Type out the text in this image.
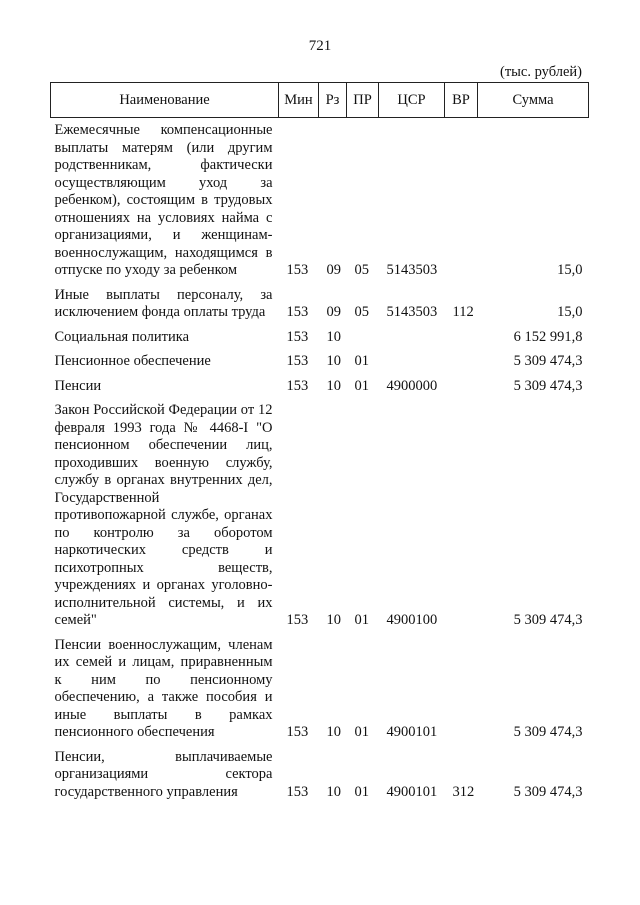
721
(тыс. рублей)
Наименование	Мин	Рз	ПР	ЦСР	ВР	Сумма
Ежемесячные компенсационные выплаты матерям (или другим родственникам, фактически осуществляющим уход за ребенком), состоящим в трудовых отношениях на условиях найма с организациями, и женщинам-военнослужащим, находящимся в отпуске по уходу за ребенком	153	09	05	5143503		15,0
Иные выплаты персоналу, за исключением фонда оплаты труда	153	09	05	5143503	112	15,0
Социальная политика	153	10				6 152 991,8
Пенсионное обеспечение	153	10	01			5 309 474,3
Пенсии	153	10	01	4900000		5 309 474,3
Закон Российской Федерации от 12 февраля 1993 года № 4468-I "О пенсионном обеспечении лиц, проходивших военную службу, службу в органах внутренних дел, Государственной противопожарной службе, органах по контролю за оборотом наркотических средств и психотропных веществ, учреждениях и органах уголовно-исполнительной системы, и их семей"	153	10	01	4900100		5 309 474,3
Пенсии военнослужащим, членам их семей и лицам, приравненным к ним по пенсионному обеспечению, а также пособия и иные выплаты в рамках пенсионного обеспечения	153	10	01	4900101		5 309 474,3
Пенсии, выплачиваемые организациями сектора государственного управления	153	10	01	4900101	312	5 309 474,3
